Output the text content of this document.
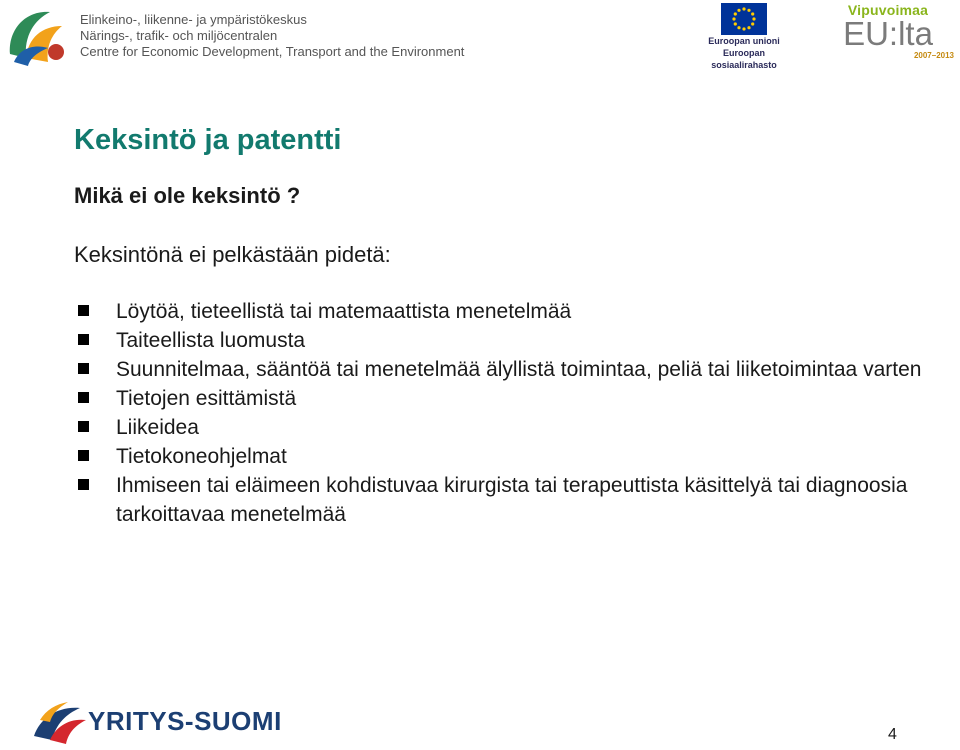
Elinkeino-, liikenne- ja ympäristökeskus
Närings-, trafik- och miljöcentralen
Centre for Economic Development, Transport and the Environment
Euroopan unioni
Euroopan sosiaalirahasto
Vipuvoimaa
EU:lta
2007–2013
Keksintö ja patentti
Mikä ei ole keksintö ?
Keksintönä ei pelkästään pidetä:
Löytöä, tieteellistä tai matemaattista menetelmää
Taiteellista luomusta
Suunnitelmaa, sääntöä tai menetelmää älyllistä toimintaa, peliä tai liiketoimintaa varten
Tietojen esittämistä
Liikeidea
Tietokoneohjelmat
Ihmiseen tai eläimeen kohdistuvaa kirurgista tai terapeuttista käsittelyä tai diagnoosia tarkoittavaa menetelmää
YRITYS-SUOMI	4
